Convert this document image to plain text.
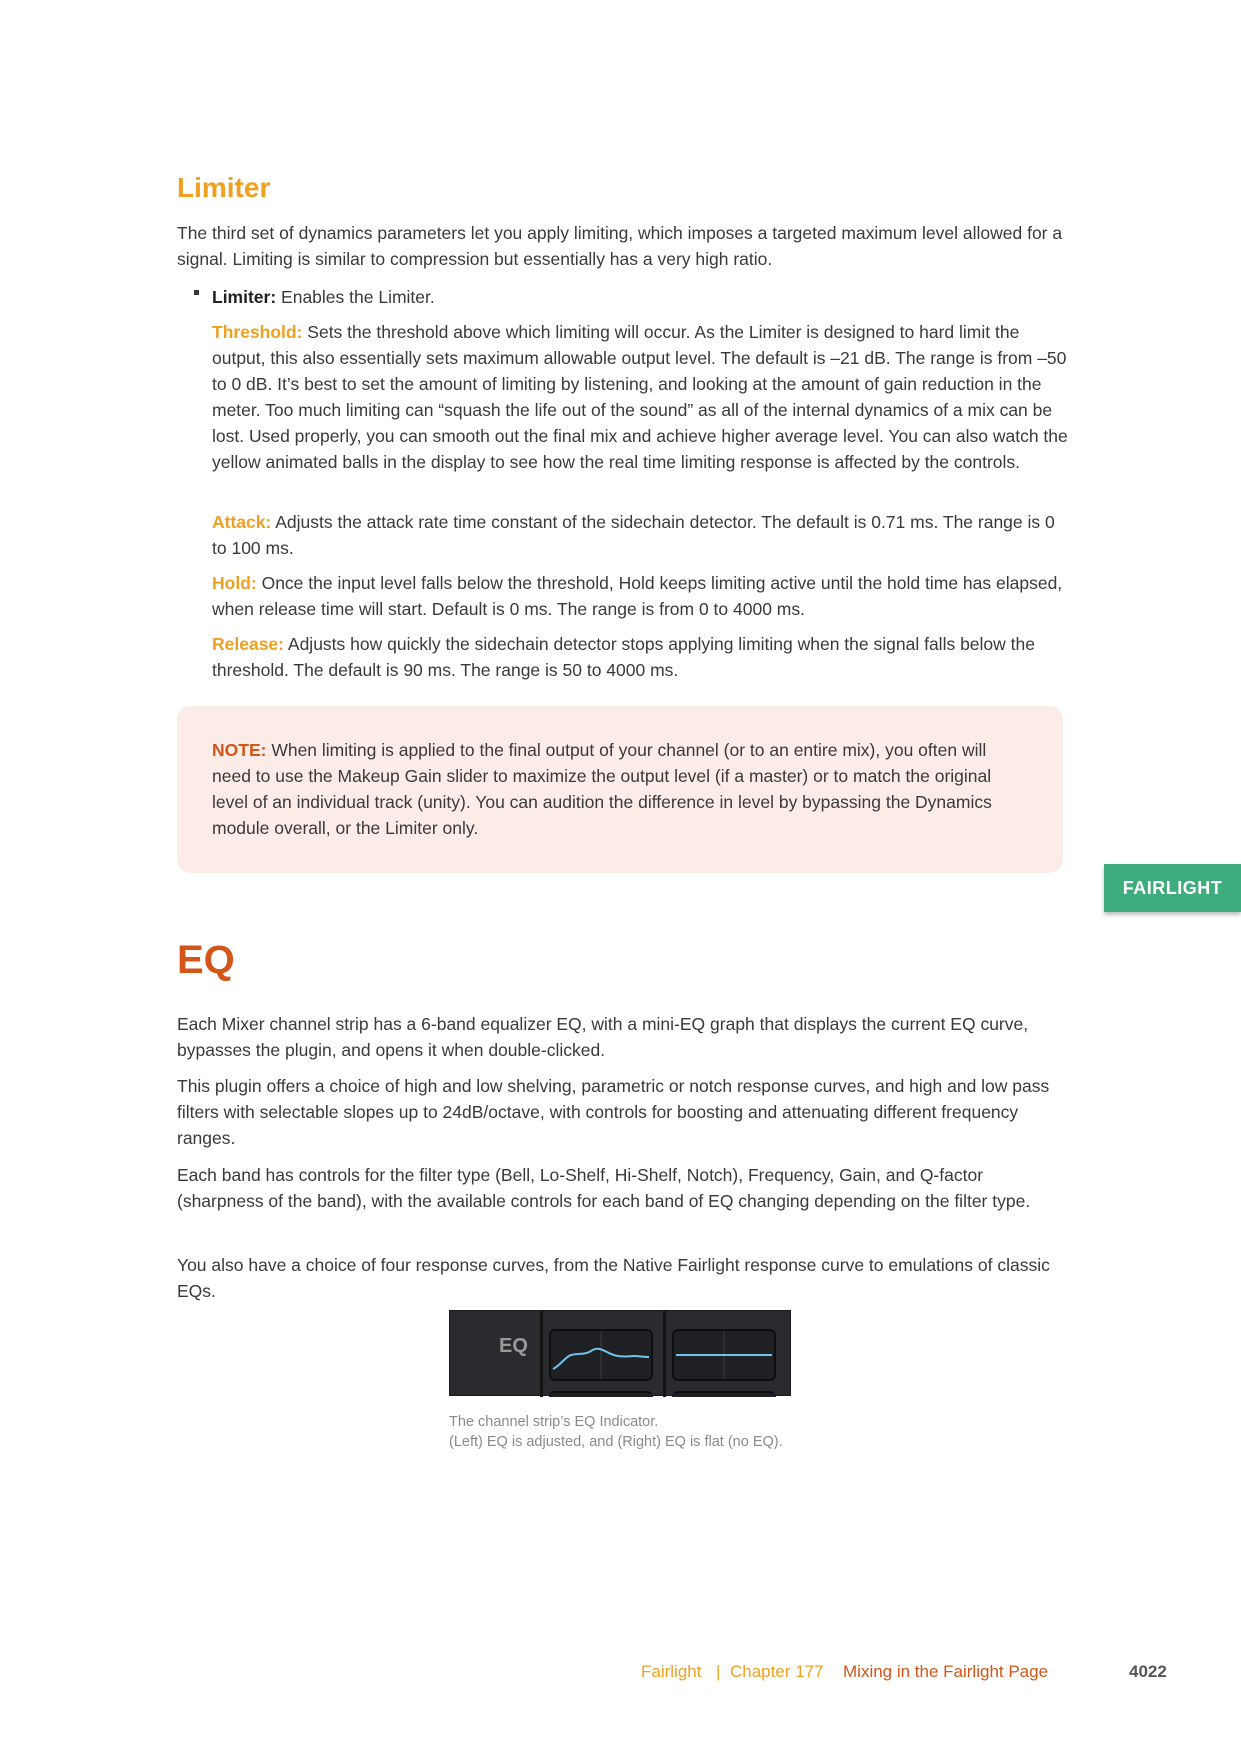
Limiter

The third set of dynamics parameters let you apply limiting, which imposes a targeted maximum level allowed for a signal. Limiting is similar to compression but essentially has a very high ratio.

Limiter: Enables the Limiter.

Threshold: Sets the threshold above which limiting will occur. As the Limiter is designed to hard limit the output, this also essentially sets maximum allowable output level. The default is –21 dB. The range is from –50 to 0 dB. It’s best to set the amount of limiting by listening, and looking at the amount of gain reduction in the meter. Too much limiting can “squash the life out of the sound” as all of the internal dynamics of a mix can be lost. Used properly, you can smooth out the final mix and achieve higher average level. You can also watch the yellow animated balls in the display to see how the real time limiting response is affected by the controls.

Attack: Adjusts the attack rate time constant of the sidechain detector. The default is 0.71 ms. The range is 0 to 100 ms.

Hold: Once the input level falls below the threshold, Hold keeps limiting active until the hold time has elapsed, when release time will start. Default is 0 ms. The range is from 0 to 4000 ms.

Release: Adjusts how quickly the sidechain detector stops applying limiting when the signal falls below the threshold. The default is 90 ms. The range is 50 to 4000 ms.

NOTE: When limiting is applied to the final output of your channel (or to an entire mix), you often will need to use the Makeup Gain slider to maximize the output level (if a master) or to match the original level of an individual track (unity). You can audition the difference in level by bypassing the Dynamics module overall, or the Limiter only.

FAIRLIGHT
EQ

Each Mixer channel strip has a 6-band equalizer EQ, with a mini-EQ graph that displays the current EQ curve, bypasses the plugin, and opens it when double-clicked.

This plugin offers a choice of high and low shelving, parametric or notch response curves, and high and low pass filters with selectable slopes up to 24dB/octave, with controls for boosting and attenuating different frequency ranges.

Each band has controls for the filter type (Bell, Lo-Shelf, Hi-Shelf, Notch), Frequency, Gain, and Q-factor (sharpness of the band), with the available controls for each band of EQ changing depending on the filter type.

You also have a choice of four response curves, from the Native Fairlight response curve to emulations of classic EQs.

EQ
The channel strip’s EQ Indicator.
(Left) EQ is adjusted, and (Right) EQ is flat (no EQ).
Fairlight | Chapter 177 Mixing in the Fairlight Page	4022
